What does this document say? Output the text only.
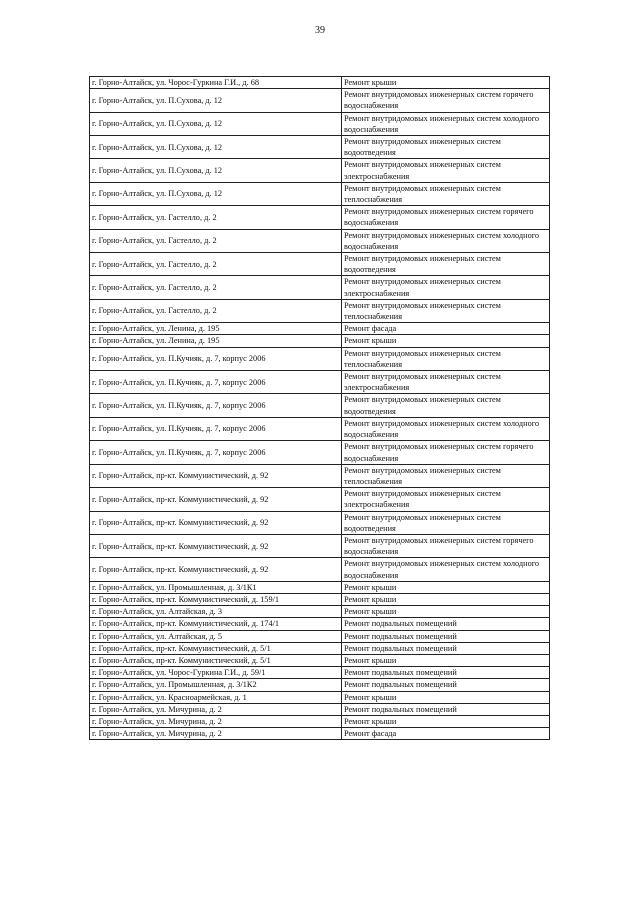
39
г. Горно-Алтайск, ул. Чорос-Гуркина Г.И., д. 68	Ремонт крыши
г. Горно-Алтайск, ул. П.Сухова, д. 12	Ремонт внутридомовых инженерных систем горячего водоснабжения
г. Горно-Алтайск, ул. П.Сухова, д. 12	Ремонт внутридомовых инженерных систем холодного водоснабжения
г. Горно-Алтайск, ул. П.Сухова, д. 12	Ремонт внутридомовых инженерных систем водоотведения
г. Горно-Алтайск, ул. П.Сухова, д. 12	Ремонт внутридомовых инженерных систем электроснабжения
г. Горно-Алтайск, ул. П.Сухова, д. 12	Ремонт внутридомовых инженерных систем теплоснабжения
г. Горно-Алтайск, ул. Гастелло, д. 2	Ремонт внутридомовых инженерных систем горячего водоснабжения
г. Горно-Алтайск, ул. Гастелло, д. 2	Ремонт внутридомовых инженерных систем холодного водоснабжения
г. Горно-Алтайск, ул. Гастелло, д. 2	Ремонт внутридомовых инженерных систем водоотведения
г. Горно-Алтайск, ул. Гастелло, д. 2	Ремонт внутридомовых инженерных систем электроснабжения
г. Горно-Алтайск, ул. Гастелло, д. 2	Ремонт внутридомовых инженерных систем теплоснабжения
г. Горно-Алтайск, ул. Ленина, д. 195	Ремонт фасада
г. Горно-Алтайск, ул. Ленина, д. 195	Ремонт крыши
г. Горно-Алтайск, ул. П.Кучияк, д. 7, корпус 2006	Ремонт внутридомовых инженерных систем теплоснабжения
г. Горно-Алтайск, ул. П.Кучияк, д. 7, корпус 2006	Ремонт внутридомовых инженерных систем электроснабжения
г. Горно-Алтайск, ул. П.Кучияк, д. 7, корпус 2006	Ремонт внутридомовых инженерных систем водоотведения
г. Горно-Алтайск, ул. П.Кучияк, д. 7, корпус 2006	Ремонт внутридомовых инженерных систем холодного водоснабжения
г. Горно-Алтайск, ул. П.Кучияк, д. 7, корпус 2006	Ремонт внутридомовых инженерных систем горячего водоснабжения
г. Горно-Алтайск, пр-кт. Коммунистический, д. 92	Ремонт внутридомовых инженерных систем теплоснабжения
г. Горно-Алтайск, пр-кт. Коммунистический, д. 92	Ремонт внутридомовых инженерных систем электроснабжения
г. Горно-Алтайск, пр-кт. Коммунистический, д. 92	Ремонт внутридомовых инженерных систем водоотведения
г. Горно-Алтайск, пр-кт. Коммунистический, д. 92	Ремонт внутридомовых инженерных систем горячего водоснабжения
г. Горно-Алтайск, пр-кт. Коммунистический, д. 92	Ремонт внутридомовых инженерных систем холодного водоснабжения
г. Горно-Алтайск, ул. Промышленная, д. 3/1К1	Ремонт крыши
г. Горно-Алтайск, пр-кт. Коммунистический, д. 159/1	Ремонт крыши
г. Горно-Алтайск, ул. Алтайская, д. 3	Ремонт крыши
г. Горно-Алтайск, пр-кт. Коммунистический, д. 174/1	Ремонт подвальных помещений
г. Горно-Алтайск, ул. Алтайская, д. 5	Ремонт подвальных помещений
г. Горно-Алтайск, пр-кт. Коммунистический, д. 5/1	Ремонт подвальных помещений
г. Горно-Алтайск, пр-кт. Коммунистический, д. 5/1	Ремонт крыши
г. Горно-Алтайск, ул. Чорос-Гуркина Г.И., д. 59/1	Ремонт подвальных помещений
г. Горно-Алтайск, ул. Промышленная, д. 3/1К2	Ремонт подвальных помещений
г. Горно-Алтайск, ул. Красноармейская, д. 1	Ремонт крыши
г. Горно-Алтайск, ул. Мичурина, д. 2	Ремонт подвальных помещений
г. Горно-Алтайск, ул. Мичурина, д. 2	Ремонт крыши
г. Горно-Алтайск, ул. Мичурина, д. 2	Ремонт фасада
